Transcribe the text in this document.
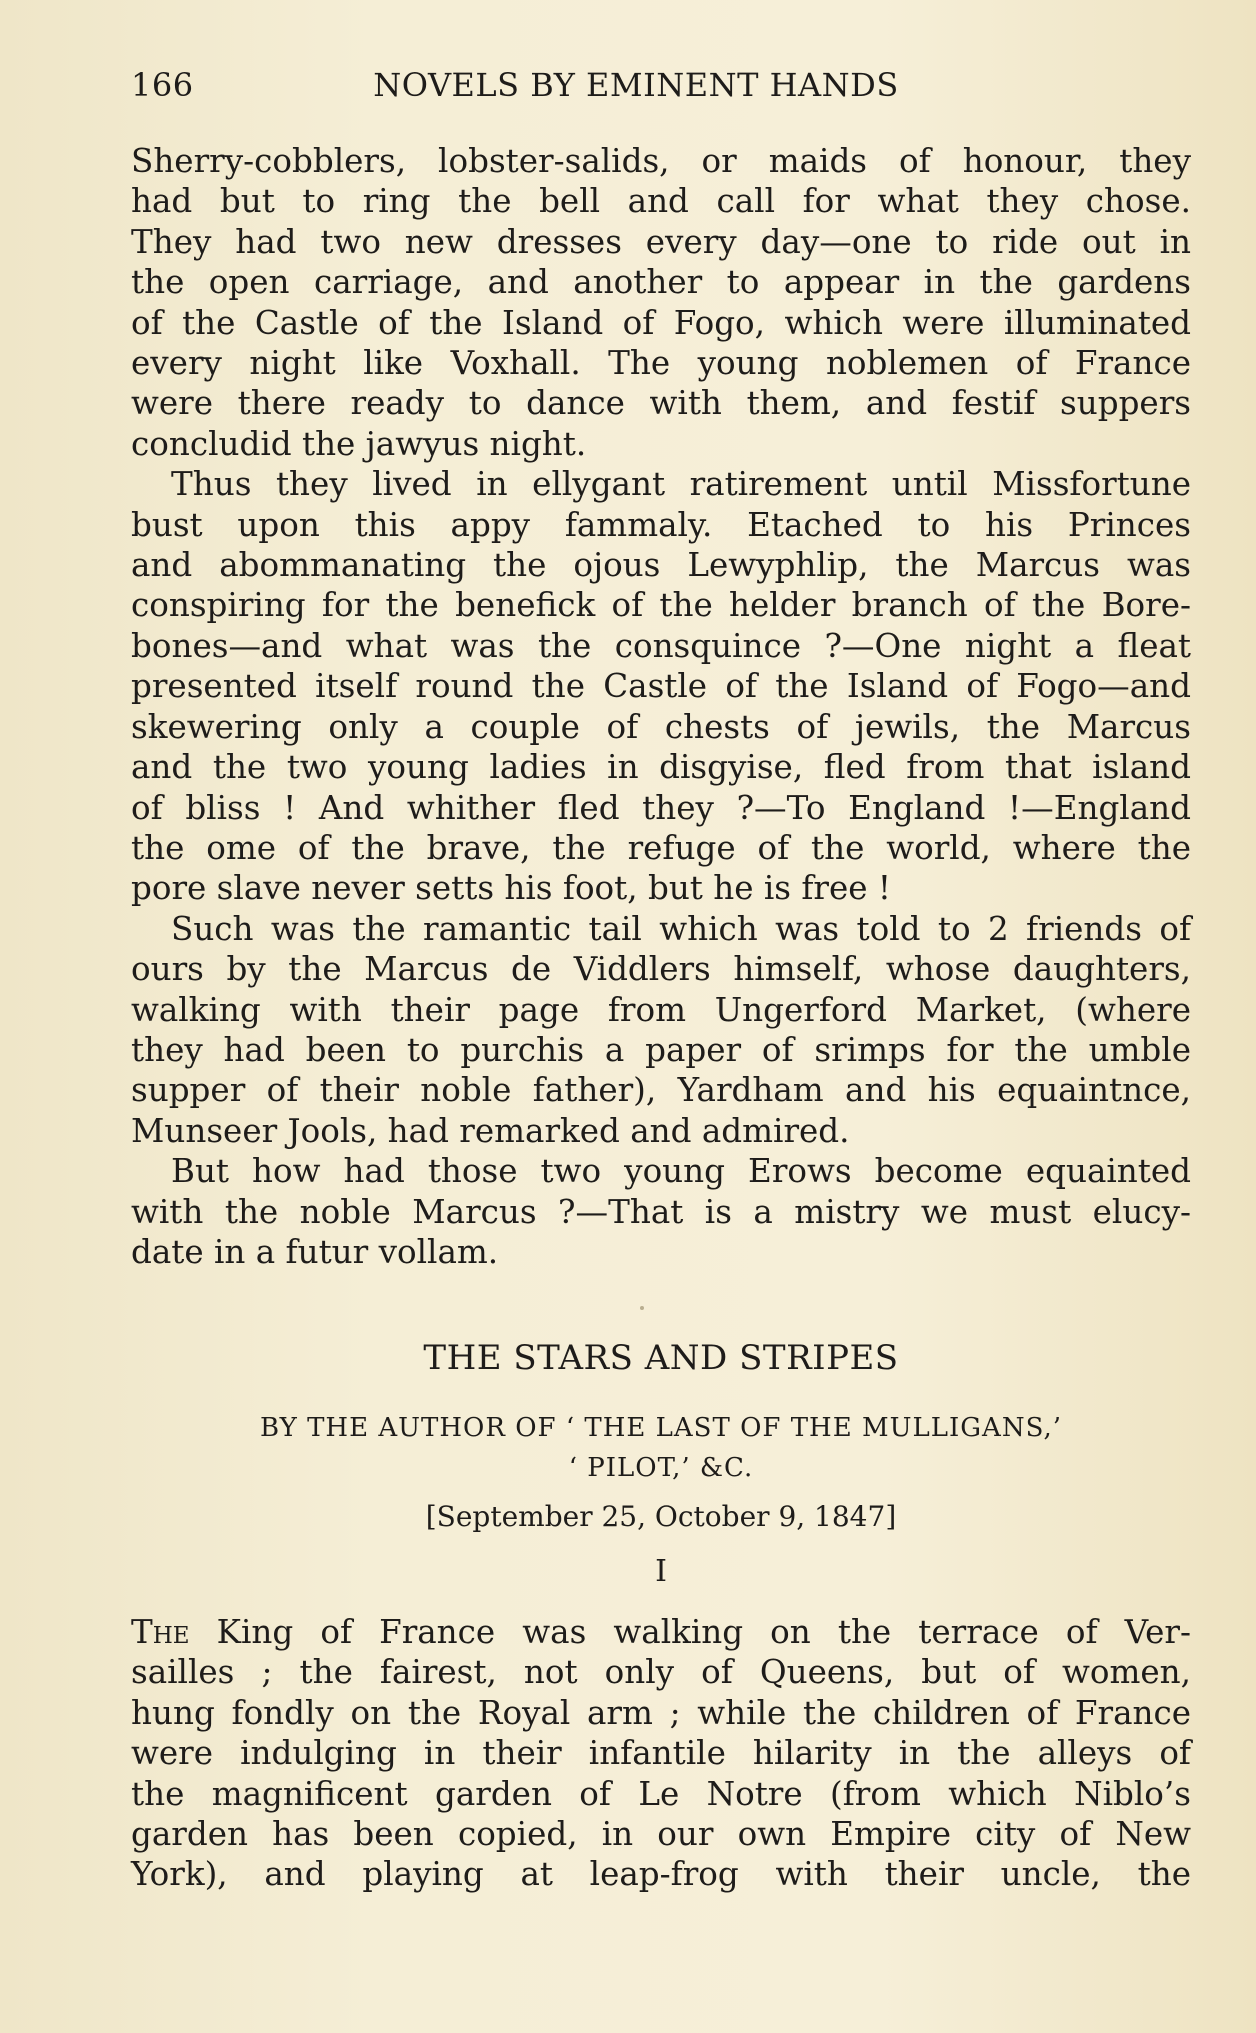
166	NOVELS BY EMINENT HANDS
Sherry-cobblers, lobster-salids, or maids of honour, they
had but to ring the bell and call for what they chose.
They had two new dresses every day—one to ride out in
the open carriage, and another to appear in the gardens
of the Castle of the Island of Fogo, which were illuminated
every night like Voxhall. The young noblemen of France
were there ready to dance with them, and festif suppers
concludid the jawyus night.
Thus they lived in ellygant ratirement until Missfortune
bust upon this appy fammaly. Etached to his Princes
and abommanating the ojous Lewyphlip, the Marcus was
conspiring for the benefick of the helder branch of the Bore-
bones—and what was the consquince ?—One night a fleat
presented itself round the Castle of the Island of Fogo—and
skewering only a couple of chests of jewils, the Marcus
and the two young ladies in disgyise, fled from that island
of bliss ! And whither fled they ?—To England !—England
the ome of the brave, the refuge of the world, where the
pore slave never setts his foot, but he is free !
Such was the ramantic tail which was told to 2 friends of
ours by the Marcus de Viddlers himself, whose daughters,
walking with their page from Ungerford Market, (where
they had been to purchis a paper of srimps for the umble
supper of their noble father), Yardham and his equaintnce,
Munseer Jools, had remarked and admired.
But how had those two young Erows become equainted
with the noble Marcus ?—That is a mistry we must elucy-
date in a futur vollam.
THE STARS AND STRIPES
BY THE AUTHOR OF ‘ THE LAST OF THE MULLIGANS,’
‘ PILOT,’ &C.
[September 25, October 9, 1847]
I
The King of France was walking on the terrace of Ver-
sailles ; the fairest, not only of Queens, but of women,
hung fondly on the Royal arm ; while the children of France
were indulging in their infantile hilarity in the alleys of
the magnificent garden of Le Notre (from which Niblo’s
garden has been copied, in our own Empire city of New
York), and playing at leap-frog with their uncle, the
